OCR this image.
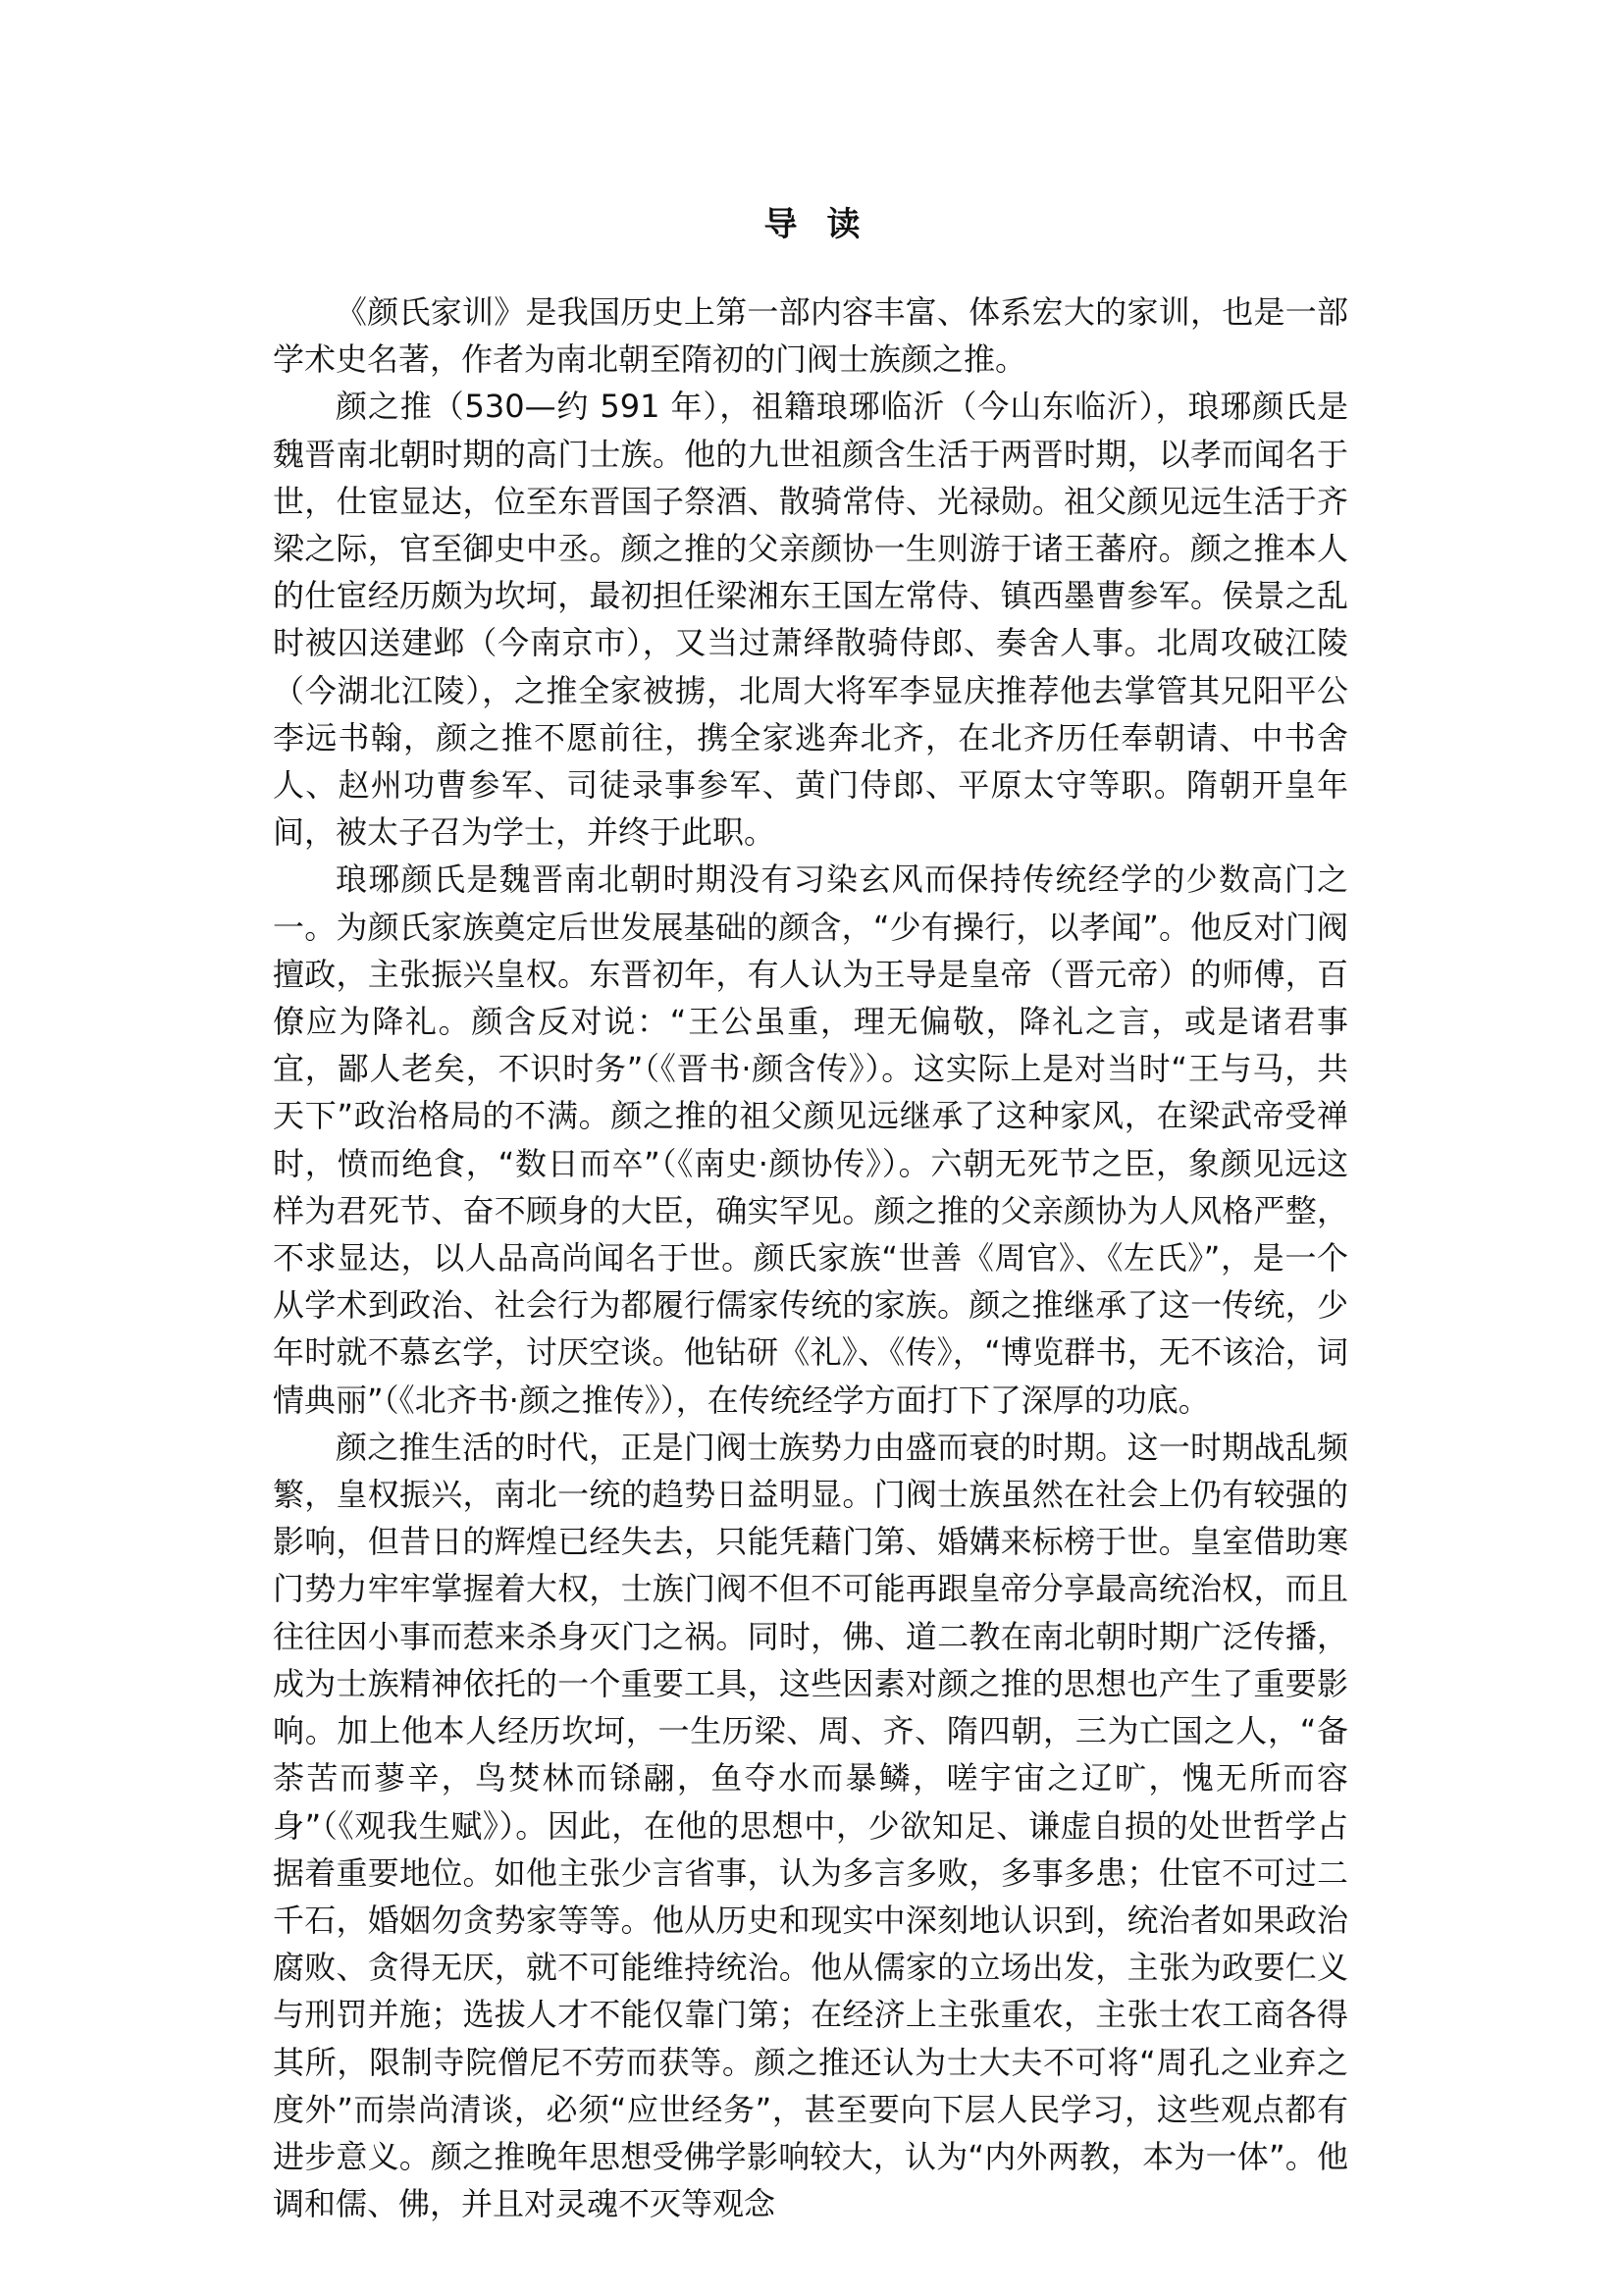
导读

《颜氏家训》是我国历史上第一部内容丰富、体系宏大的家训，也是一部学术史名著，作者为南北朝至隋初的门阀士族颜之推。

颜之推（530—约 591 年），祖籍琅琊临沂（今山东临沂），琅琊颜氏是魏晋南北朝时期的高门士族。他的九世祖颜含生活于两晋时期，以孝而闻名于世，仕宦显达，位至东晋国子祭酒、散骑常侍、光禄勋。祖父颜见远生活于齐梁之际，官至御史中丞。颜之推的父亲颜协一生则游于诸王蕃府。颜之推本人的仕宦经历颇为坎坷，最初担任梁湘东王国左常侍、镇西墨曹参军。侯景之乱时被囚送建邺（今南京市），又当过萧绎散骑侍郎、奏舍人事。北周攻破江陵（今湖北江陵），之推全家被掳，北周大将军李显庆推荐他去掌管其兄阳平公李远书翰，颜之推不愿前往，携全家逃奔北齐，在北齐历任奉朝请、中书舍人、赵州功曹参军、司徒录事参军、黄门侍郎、平原太守等职。隋朝开皇年间，被太子召为学士，并终于此职。

琅琊颜氏是魏晋南北朝时期没有习染玄风而保持传统经学的少数高门之一。为颜氏家族奠定后世发展基础的颜含，“少有操行，以孝闻”。他反对门阀擅政，主张振兴皇权。东晋初年，有人认为王导是皇帝（晋元帝）的师傅，百僚应为降礼。颜含反对说：“王公虽重，理无偏敬，降礼之言，或是诸君事宜，鄙人老矣，不识时务”（《晋书·颜含传》）。这实际上是对当时“王与马，共天下”政治格局的不满。颜之推的祖父颜见远继承了这种家风，在梁武帝受禅时，愤而绝食，“数日而卒”（《南史·颜协传》）。六朝无死节之臣，象颜见远这样为君死节、奋不顾身的大臣，确实罕见。颜之推的父亲颜协为人风格严整，不求显达，以人品高尚闻名于世。颜氏家族“世善《周官》、《左氏》”，是一个从学术到政治、社会行为都履行儒家传统的家族。颜之推继承了这一传统，少年时就不慕玄学，讨厌空谈。他钻研《礼》、《传》，“博览群书，无不该洽，词情典丽”（《北齐书·颜之推传》），在传统经学方面打下了深厚的功底。

颜之推生活的时代，正是门阀士族势力由盛而衰的时期。这一时期战乱频繁，皇权振兴，南北一统的趋势日益明显。门阀士族虽然在社会上仍有较强的影响，但昔日的辉煌已经失去，只能凭藉门第、婚媾来标榜于世。皇室借助寒门势力牢牢掌握着大权，士族门阀不但不可能再跟皇帝分享最高统治权，而且往往因小事而惹来杀身灭门之祸。同时，佛、道二教在南北朝时期广泛传播，成为士族精神依托的一个重要工具，这些因素对颜之推的思想也产生了重要影响。加上他本人经历坎坷，一生历梁、周、齐、隋四朝，三为亡国之人，“备荼苦而蓼辛，鸟焚林而铩翮，鱼夺水而暴鳞，嗟宇宙之辽旷，愧无所而容身”（《观我生赋》）。因此，在他的思想中，少欲知足、谦虚自损的处世哲学占据着重要地位。如他主张少言省事，认为多言多败，多事多患；仕宦不可过二千石，婚姻勿贪势家等等。他从历史和现实中深刻地认识到，统治者如果政治腐败、贪得无厌，就不可能维持统治。他从儒家的立场出发，主张为政要仁义与刑罚并施；选拔人才不能仅靠门第；在经济上主张重农，主张士农工商各得其所，限制寺院僧尼不劳而获等。颜之推还认为士大夫不可将“周孔之业弃之度外”而崇尚清谈，必须“应世经务”，甚至要向下层人民学习，这些观点都有进步意义。颜之推晚年思想受佛学影响较大，认为“内外两教，本为一体”。他调和儒、佛，并且对灵魂不灭等观念
